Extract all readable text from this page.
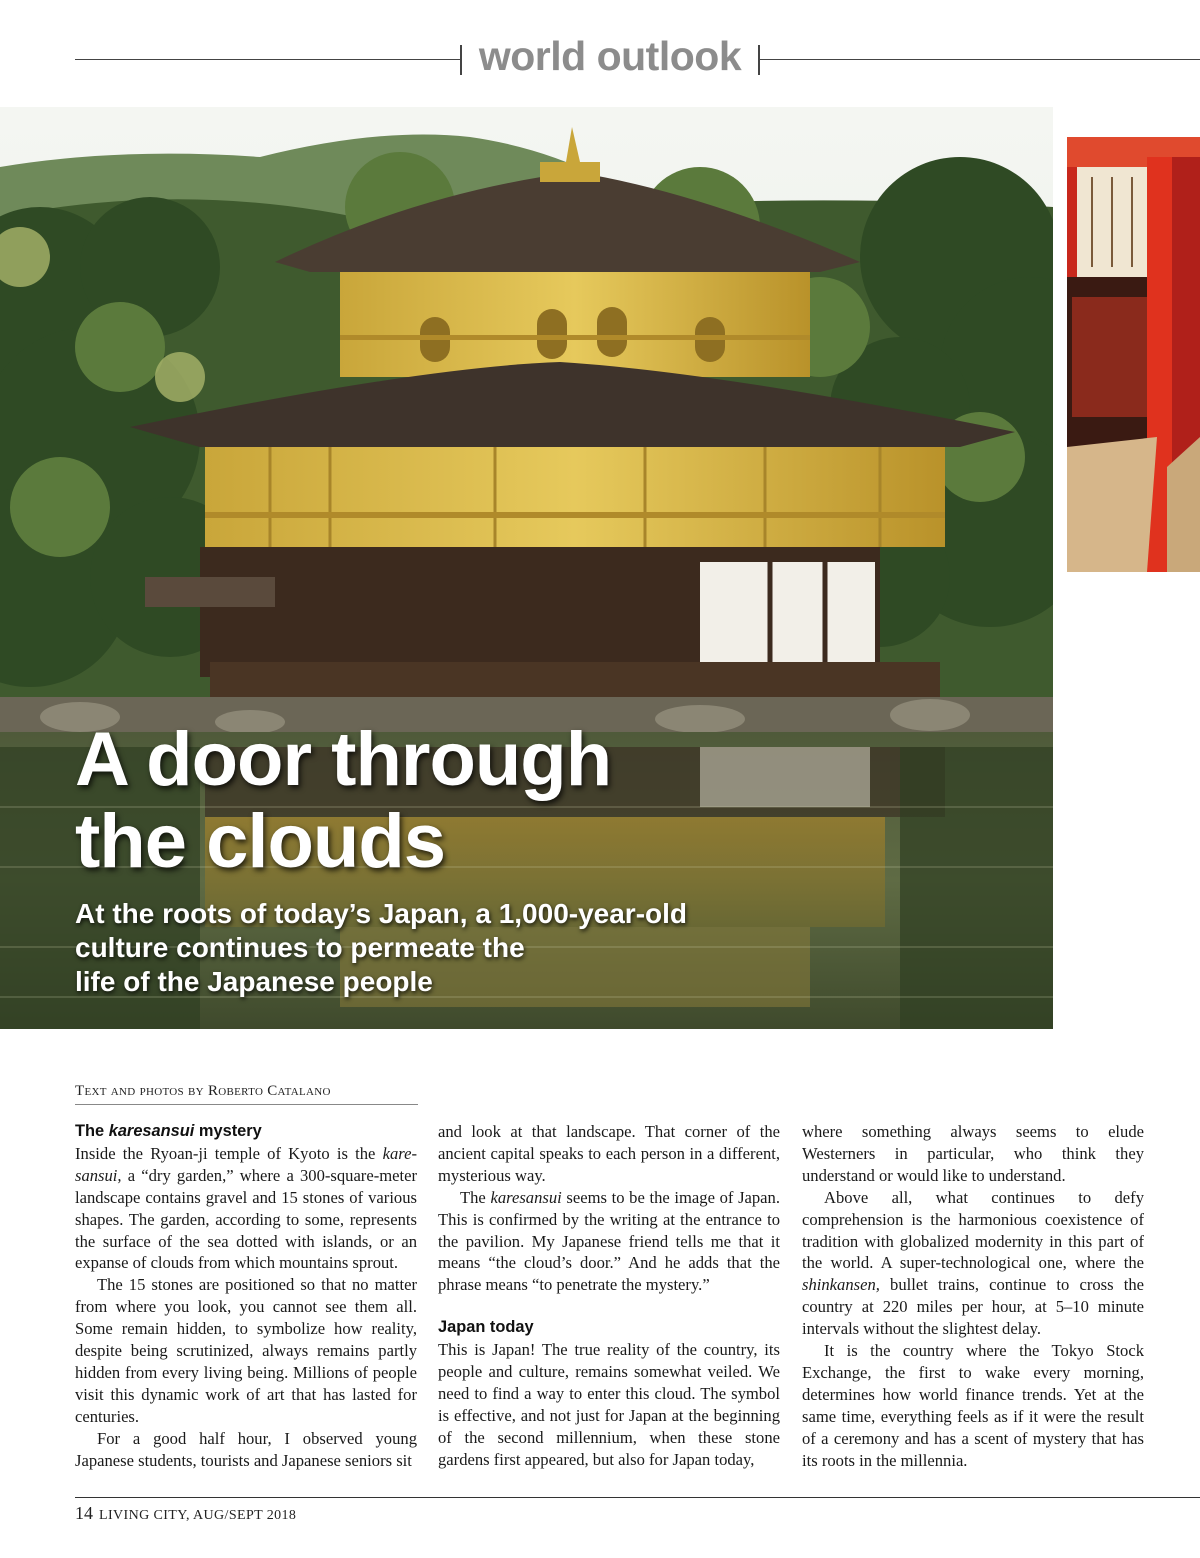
world outlook
A door through
the clouds
At the roots of today’s Japan, a 1,000-year-old
culture continues to permeate the
life of the Japanese people
Text and photos by Roberto Catalano
The karesansui mystery

Inside the Ryoan-ji temple of Kyoto is the kare-sansui, a “dry garden,” where a 300-square-meter landscape contains gravel and 15 stones of various shapes. The garden, according to some, represents the surface of the sea dotted with islands, or an expanse of clouds from which mountains sprout.

The 15 stones are positioned so that no matter from where you look, you cannot see them all. Some remain hidden, to symbolize how reality, despite being scrutinized, always remains partly hidden from every living being. Millions of people visit this dynamic work of art that has lasted for centuries.

For a good half hour, I observed young Japanese students, tourists and Japanese seniors sit

and look at that landscape. That corner of the ancient capital speaks to each person in a different, mysterious way.

The karesansui seems to be the image of Japan. This is confirmed by the writing at the entrance to the pavilion. My Japanese friend tells me that it means “the cloud’s door.” And he adds that the phrase means “to penetrate the mystery.”

Japan today

This is Japan! The true reality of the country, its people and culture, remains somewhat veiled. We need to find a way to enter this cloud. The symbol is effective, and not just for Japan at the beginning of the second millennium, when these stone gardens first appeared, but also for Japan today,

where something always seems to elude Westerners in particular, who think they understand or would like to understand.

Above all, what continues to defy comprehension is the harmonious coexistence of tradition with globalized modernity in this part of the world. A super-technological one, where the shinkansen, bullet trains, continue to cross the country at 220 miles per hour, at 5–10 minute intervals without the slightest delay.

It is the country where the Tokyo Stock Exchange, the first to wake every morning, determines how world finance trends. Yet at the same time, everything feels as if it were the result of a ceremony and has a scent of mystery that has its roots in the millennia.

14 LIVING CITY, AUG/SEPT 2018
